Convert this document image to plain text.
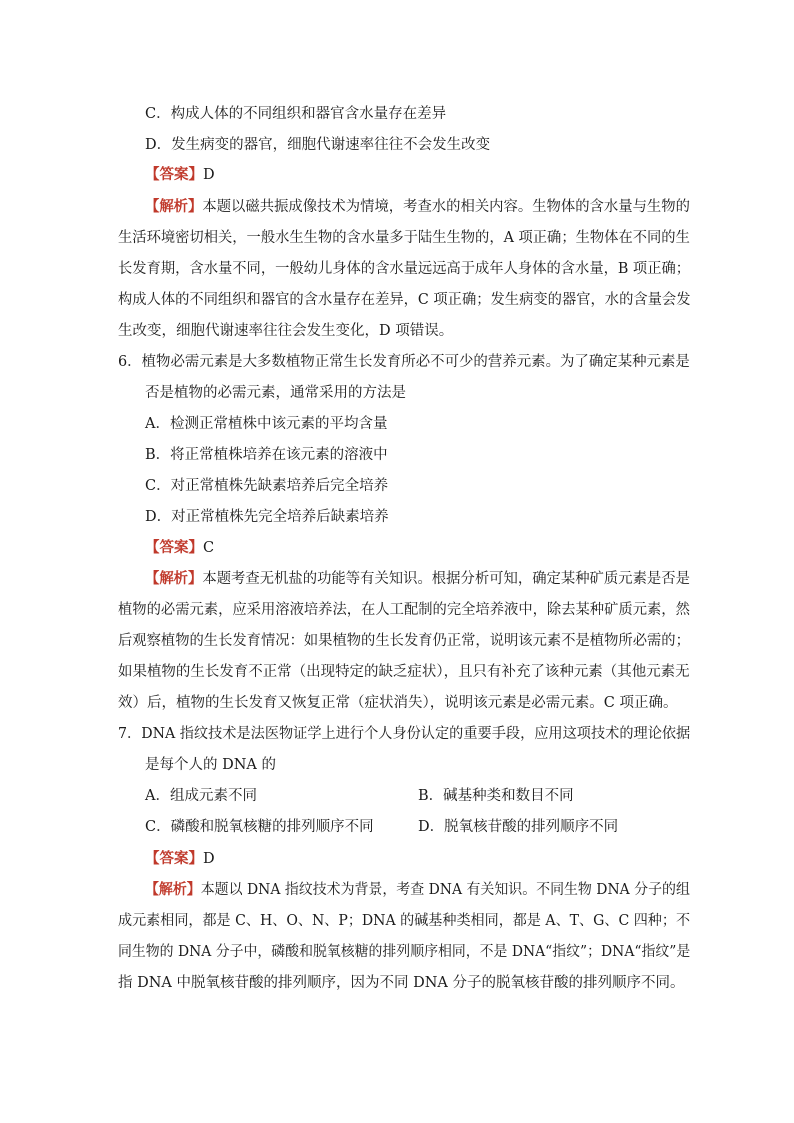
C．构成人体的不同组织和器官含水量存在差异
D．发生病变的器官，细胞代谢速率往往不会发生改变
【答案】D
【解析】本题以磁共振成像技术为情境，考查水的相关内容。生物体的含水量与生物的
生活环境密切相关，一般水生生物的含水量多于陆生生物的，A 项正确；生物体在不同的生
长发育期，含水量不同，一般幼儿身体的含水量远远高于成年人身体的含水量，B 项正确；
构成人体的不同组织和器官的含水量存在差异，C 项正确；发生病变的器官，水的含量会发
生改变，细胞代谢速率往往会发生变化，D 项错误。
6．植物必需元素是大多数植物正常生长发育所必不可少的营养元素。为了确定某种元素是
否是植物的必需元素，通常采用的方法是
A．检测正常植株中该元素的平均含量
B．将正常植株培养在该元素的溶液中
C．对正常植株先缺素培养后完全培养
D．对正常植株先完全培养后缺素培养
【答案】C
【解析】本题考查无机盐的功能等有关知识。根据分析可知，确定某种矿质元素是否是
植物的必需元素，应采用溶液培养法，在人工配制的完全培养液中，除去某种矿质元素，然
后观察植物的生长发育情况：如果植物的生长发育仍正常，说明该元素不是植物所必需的；
如果植物的生长发育不正常（出现特定的缺乏症状），且只有补充了该种元素（其他元素无
效）后，植物的生长发育又恢复正常（症状消失），说明该元素是必需元素。C 项正确。
7．DNA 指纹技术是法医物证学上进行个人身份认定的重要手段，应用这项技术的理论依据
是每个人的 DNA 的
A．组成元素不同	B．碱基种类和数目不同
C．磷酸和脱氧核糖的排列顺序不同	D．脱氧核苷酸的排列顺序不同
【答案】D
【解析】本题以 DNA 指纹技术为背景，考查 DNA 有关知识。不同生物 DNA 分子的组
成元素相同，都是 C、H、O、N、P；DNA 的碱基种类相同，都是 A、T、G、C 四种；不
同生物的 DNA 分子中，磷酸和脱氧核糖的排列顺序相同，不是 DNA“指纹”；DNA“指纹”是
指 DNA 中脱氧核苷酸的排列顺序，因为不同 DNA 分子的脱氧核苷酸的排列顺序不同。
